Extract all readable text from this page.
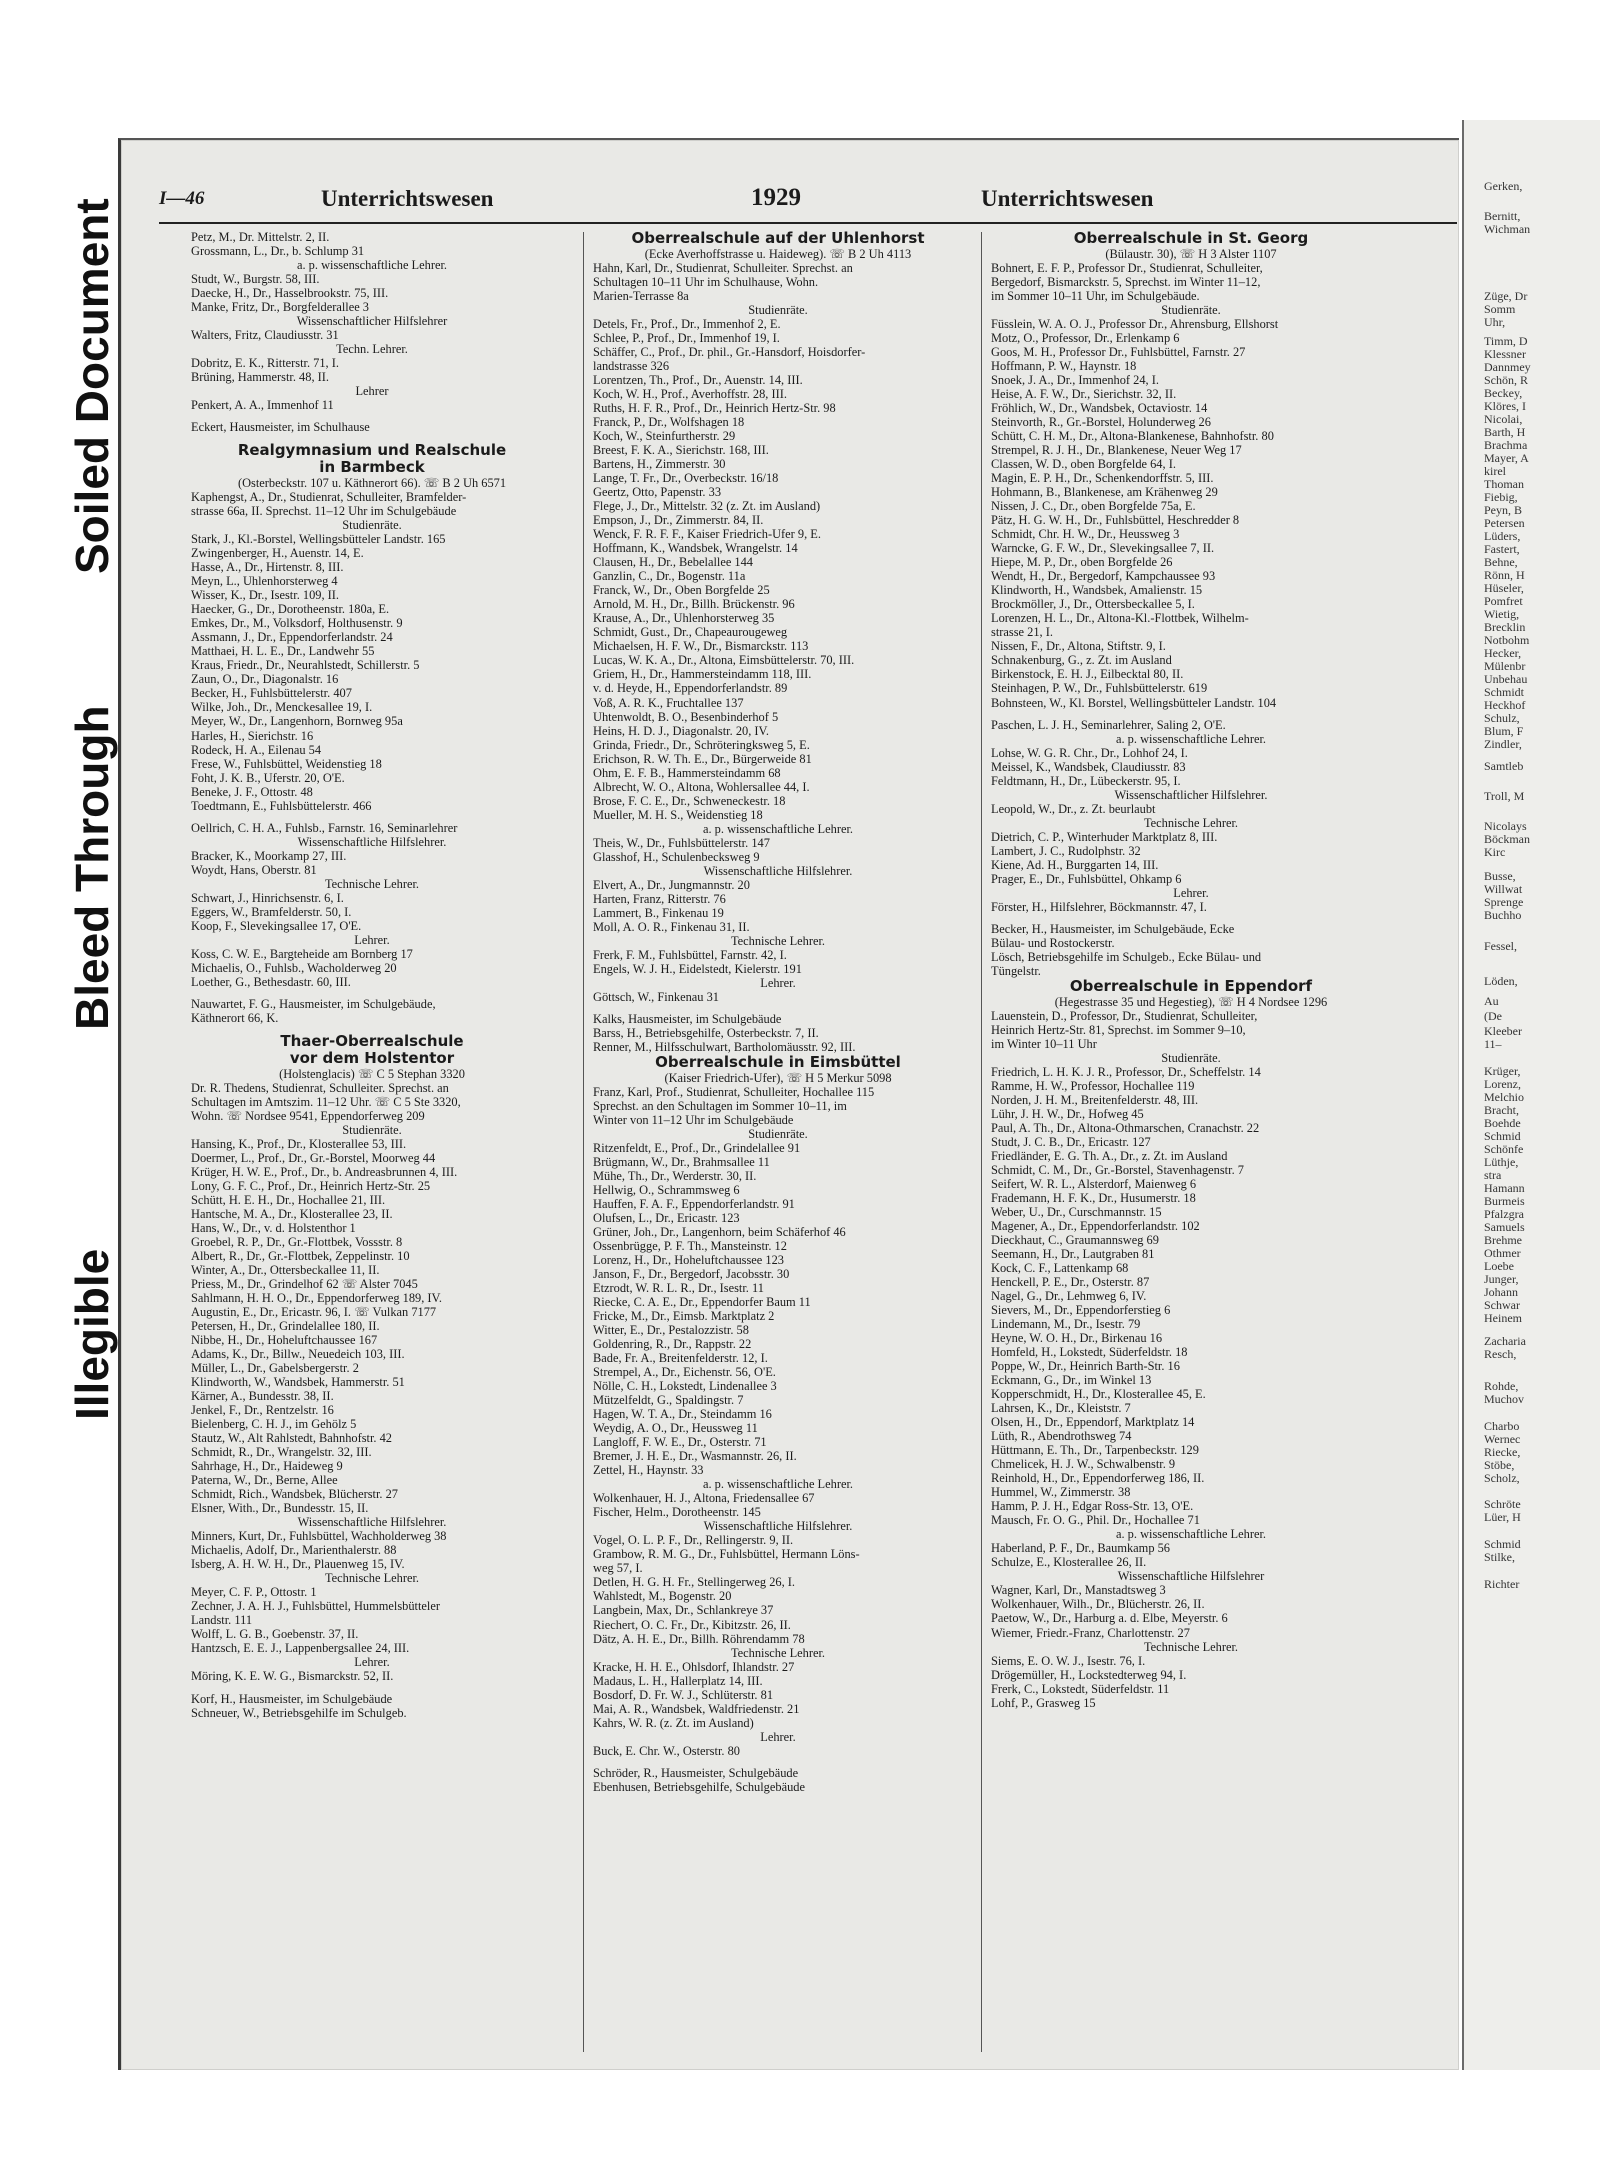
Illegible
Bleed Through
Soiled Document I—46	Unterrichtswesen	1929	Unterrichtswesen
Petz, M., Dr. Mittelstr. 2, II.
Grossmann, L., Dr., b. Schlump 31
a. p. wissenschaftliche Lehrer.
Studt, W., Burgstr. 58, III.
Daecke, H., Dr., Hasselbrookstr. 75, III.
Manke, Fritz, Dr., Borgfelderallee 3
Wissenschaftlicher Hilfslehrer
Walters, Fritz, Claudiusstr. 31
Techn. Lehrer.
Dobritz, E. K., Ritterstr. 71, I.
Brüning, Hammerstr. 48, II.
Lehrer
Penkert, A. A., Immenhof 11
Eckert, Hausmeister, im Schulhause
Realgymnasium und Realschule
in Barmbeck
(Osterbeckstr. 107 u. Käthnerort 66). ☏ B 2 Uh 6571
Kaphengst, A., Dr., Studienrat, Schulleiter, Bramfelder-
strasse 66a, II. Sprechst. 11–12 Uhr im Schulgebäude
Studienräte.
Stark, J., Kl.-Borstel, Wellingsbütteler Landstr. 165
Zwingenberger, H., Auenstr. 14, E.
Hasse, A., Dr., Hirtenstr. 8, III.
Meyn, L., Uhlenhorsterweg 4
Wisser, K., Dr., Isestr. 109, II.
Haecker, G., Dr., Dorotheenstr. 180a, E.
Emkes, Dr., M., Volksdorf, Holthusenstr. 9
Assmann, J., Dr., Eppendorferlandstr. 24
Matthaei, H. L. E., Dr., Landwehr 55
Kraus, Friedr., Dr., Neurahlstedt, Schillerstr. 5
Zaun, O., Dr., Diagonalstr. 16
Becker, H., Fuhlsbüttelerstr. 407
Wilke, Joh., Dr., Menckesallee 19, I.
Meyer, W., Dr., Langenhorn, Bornweg 95a
Harles, H., Sierichstr. 16
Rodeck, H. A., Eilenau 54
Frese, W., Fuhlsbüttel, Weidenstieg 18
Foht, J. K. B., Uferstr. 20, O'E.
Beneke, J. F., Ottostr. 48
Toedtmann, E., Fuhlsbüttelerstr. 466
Oellrich, C. H. A., Fuhlsb., Farnstr. 16, Seminarlehrer
Wissenschaftliche Hilfslehrer.
Bracker, K., Moorkamp 27, III.
Woydt, Hans, Oberstr. 81
Technische Lehrer.
Schwart, J., Hinrichsenstr. 6, I.
Eggers, W., Bramfelderstr. 50, I.
Koop, F., Slevekingsallee 17, O'E.
Lehrer.
Koss, C. W. E., Bargteheide am Bornberg 17
Michaelis, O., Fuhlsb., Wacholderweg 20
Loether, G., Bethesdastr. 60, III.
Nauwartet, F. G., Hausmeister, im Schulgebäude,
Käthnerort 66, K.
Thaer-Oberrealschule
vor dem Holstentor
(Holstenglacis) ☏ C 5 Stephan 3320
Dr. R. Thedens, Studienrat, Schulleiter. Sprechst. an
Schultagen im Amtszim. 11–12 Uhr. ☏ C 5 Ste 3320,
Wohn. ☏ Nordsee 9541, Eppendorferweg 209
Studienräte.
Hansing, K., Prof., Dr., Klosterallee 53, III.
Doermer, L., Prof., Dr., Gr.-Borstel, Moorweg 44
Krüger, H. W. E., Prof., Dr., b. Andreasbrunnen 4, III.
Lony, G. F. C., Prof., Dr., Heinrich Hertz-Str. 25
Schütt, H. E. H., Dr., Hochallee 21, III.
Hantsche, M. A., Dr., Klosterallee 23, II.
Hans, W., Dr., v. d. Holstenthor 1
Groebel, R. P., Dr., Gr.-Flottbek, Vossstr. 8
Albert, R., Dr., Gr.-Flottbek, Zeppelinstr. 10
Winter, A., Dr., Ottersbeckallee 11, II.
Priess, M., Dr., Grindelhof 62 ☏ Alster 7045
Sahlmann, H. H. O., Dr., Eppendorferweg 189, IV.
Augustin, E., Dr., Ericastr. 96, I. ☏ Vulkan 7177
Petersen, H., Dr., Grindelallee 180, II.
Nibbe, H., Dr., Hoheluftchaussee 167
Adams, K., Dr., Billw., Neuedeich 103, III.
Müller, L., Dr., Gabelsbergerstr. 2
Klindworth, W., Wandsbek, Hammerstr. 51
Kärner, A., Bundesstr. 38, II.
Jenkel, F., Dr., Rentzelstr. 16
Bielenberg, C. H. J., im Gehölz 5
Stautz, W., Alt Rahlstedt, Bahnhofstr. 42
Schmidt, R., Dr., Wrangelstr. 32, III.
Sahrhage, H., Dr., Haideweg 9
Paterna, W., Dr., Berne, Allee
Schmidt, Rich., Wandsbek, Blücherstr. 27
Elsner, With., Dr., Bundesstr. 15, II.
Wissenschaftliche Hilfslehrer.
Minners, Kurt, Dr., Fuhlsbüttel, Wachholderweg 38
Michaelis, Adolf, Dr., Marienthalerstr. 88
Isberg, A. H. W. H., Dr., Plauenweg 15, IV.
Technische Lehrer.
Meyer, C. F. P., Ottostr. 1
Zechner, J. A. H. J., Fuhlsbüttel, Hummelsbütteler
Landstr. 111
Wolff, L. G. B., Goebenstr. 37, II.
Hantzsch, E. E. J., Lappenbergsallee 24, III.
Lehrer.
Möring, K. E. W. G., Bismarckstr. 52, II.
Korf, H., Hausmeister, im Schulgebäude
Schneuer, W., Betriebsgehilfe im Schulgeb.
Oberrealschule auf der Uhlenhorst
(Ecke Averhoffstrasse u. Haideweg). ☏ B 2 Uh 4113
Hahn, Karl, Dr., Studienrat, Schulleiter. Sprechst. an
Schultagen 10–11 Uhr im Schulhause, Wohn.
Marien-Terrasse 8a
Studienräte.
Detels, Fr., Prof., Dr., Immenhof 2, E.
Schlee, P., Prof., Dr., Immenhof 19, I.
Schäffer, C., Prof., Dr. phil., Gr.-Hansdorf, Hoisdorfer-
landstrasse 326
Lorentzen, Th., Prof., Dr., Auenstr. 14, III.
Koch, W. H., Prof., Averhoffstr. 28, III.
Ruths, H. F. R., Prof., Dr., Heinrich Hertz-Str. 98
Franck, P., Dr., Wolfshagen 18
Koch, W., Steinfurtherstr. 29
Breest, F. K. A., Sierichstr. 168, III.
Bartens, H., Zimmerstr. 30
Lange, T. Fr., Dr., Overbeckstr. 16/18
Geertz, Otto, Papenstr. 33
Flege, J., Dr., Mittelstr. 32 (z. Zt. im Ausland)
Empson, J., Dr., Zimmerstr. 84, II.
Wenck, F. R. F. F., Kaiser Friedrich-Ufer 9, E.
Hoffmann, K., Wandsbek, Wrangelstr. 14
Clausen, H., Dr., Bebelallee 144
Ganzlin, C., Dr., Bogenstr. 11a
Franck, W., Dr., Oben Borgfelde 25
Arnold, M. H., Dr., Billh. Brückenstr. 96
Krause, A., Dr., Uhlenhorsterweg 35
Schmidt, Gust., Dr., Chapeaurougeweg
Michaelsen, H. F. W., Dr., Bismarckstr. 113
Lucas, W. K. A., Dr., Altona, Eimsbüttelerstr. 70, III.
Griem, H., Dr., Hammersteindamm 118, III.
v. d. Heyde, H., Eppendorferlandstr. 89
Voß, A. R. K., Fruchtallee 137
Uhtenwoldt, B. O., Besenbinderhof 5
Heins, H. D. J., Diagonalstr. 20, IV.
Grinda, Friedr., Dr., Schröteringksweg 5, E.
Erichson, R. W. Th. E., Dr., Bürgerweide 81
Ohm, E. F. B., Hammersteindamm 68
Albrecht, W. O., Altona, Wohlersallee 44, I.
Brose, F. C. E., Dr., Schweneckestr. 18
Mueller, M. H. S., Weidenstieg 18
a. p. wissenschaftliche Lehrer.
Theis, W., Dr., Fuhlsbüttelerstr. 147
Glasshof, H., Schulenbecksweg 9
Wissenschaftliche Hilfslehrer.
Elvert, A., Dr., Jungmannstr. 20
Harten, Franz, Ritterstr. 76
Lammert, B., Finkenau 19
Moll, A. O. R., Finkenau 31, II.
Technische Lehrer.
Frerk, F. M., Fuhlsbüttel, Farnstr. 42, I.
Engels, W. J. H., Eidelstedt, Kielerstr. 191
Lehrer.
Göttsch, W., Finkenau 31
Kalks, Hausmeister, im Schulgebäude
Barss, H., Betriebsgehilfe, Osterbeckstr. 7, II.
Renner, M., Hilfsschulwart, Bartholomäusstr. 92, III.
Oberrealschule in Eimsbüttel
(Kaiser Friedrich-Ufer), ☏ H 5 Merkur 5098
Franz, Karl, Prof., Studienrat, Schulleiter, Hochallee 115
Sprechst. an den Schultagen im Sommer 10–11, im
Winter von 11–12 Uhr im Schulgebäude
Studienräte.
Ritzenfeldt, E., Prof., Dr., Grindelallee 91
Brügmann, W., Dr., Brahmsallee 11
Mühe, Th., Dr., Werderstr. 30, II.
Hellwig, O., Schrammsweg 6
Hauffen, F. A. F., Eppendorferlandstr. 91
Olufsen, L., Dr., Ericastr. 123
Grüner, Joh., Dr., Langenhorn, beim Schäferhof 46
Ossenbrügge, P. F. Th., Mansteinstr. 12
Lorenz, H., Dr., Hoheluftchaussee 123
Janson, F., Dr., Bergedorf, Jacobsstr. 30
Etzrodt, W. R. L. R., Dr., Isestr. 11
Riecke, C. A. E., Dr., Eppendorfer Baum 11
Fricke, M., Dr., Eimsb. Marktplatz 2
Witter, E., Dr., Pestalozzistr. 58
Goldenring, R., Dr., Rappstr. 22
Bade, Fr. A., Breitenfelderstr. 12, I.
Strempel, A., Dr., Eichenstr. 56, O'E.
Nölle, C. H., Lokstedt, Lindenallee 3
Mützelfeldt, G., Spaldingstr. 7
Hagen, W. T. A., Dr., Steindamm 16
Weydig, A. O., Dr., Heussweg 11
Langloff, F. W. E., Dr., Osterstr. 71
Bremer, J. H. E., Dr., Wasmannstr. 26, II.
Zettel, H., Haynstr. 33
a. p. wissenschaftliche Lehrer.
Wolkenhauer, H. J., Altona, Friedensallee 67
Fischer, Helm., Dorotheenstr. 145
Wissenschaftliche Hilfslehrer.
Vogel, O. L. P. F., Dr., Rellingerstr. 9, II.
Grambow, R. M. G., Dr., Fuhlsbüttel, Hermann Löns-
weg 57, I.
Detlen, H. G. H. Fr., Stellingerweg 26, I.
Wahlstedt, M., Bogenstr. 20
Langbein, Max, Dr., Schlankreye 37
Riechert, O. C. Fr., Dr., Kibitzstr. 26, II.
Dätz, A. H. E., Dr., Billh. Röhrendamm 78
Technische Lehrer.
Kracke, H. H. E., Ohlsdorf, Ihlandstr. 27
Madaus, L. H., Hallerplatz 14, III.
Bosdorf, D. Fr. W. J., Schlüterstr. 81
Mai, A. R., Wandsbek, Waldfriedenstr. 21
Kahrs, W. R. (z. Zt. im Ausland)
Lehrer.
Buck, E. Chr. W., Osterstr. 80
Schröder, R., Hausmeister, Schulgebäude
Ebenhusen, Betriebsgehilfe, Schulgebäude
Oberrealschule in St. Georg
(Bülaustr. 30), ☏ H 3 Alster 1107
Bohnert, E. F. P., Professor Dr., Studienrat, Schulleiter,
Bergedorf, Bismarckstr. 5, Sprechst. im Winter 11–12,
im Sommer 10–11 Uhr, im Schulgebäude.
Studienräte.
Füsslein, W. A. O. J., Professor Dr., Ahrensburg, Ellshorst
Motz, O., Professor, Dr., Erlenkamp 6
Goos, M. H., Professor Dr., Fuhlsbüttel, Farnstr. 27
Hoffmann, P. W., Haynstr. 18
Snoek, J. A., Dr., Immenhof 24, I.
Heise, A. F. W., Dr., Sierichstr. 32, II.
Fröhlich, W., Dr., Wandsbek, Octaviostr. 14
Steinvorth, R., Gr.-Borstel, Holunderweg 26
Schütt, C. H. M., Dr., Altona-Blankenese, Bahnhofstr. 80
Strempel, R. J. H., Dr., Blankenese, Neuer Weg 17
Classen, W. D., oben Borgfelde 64, I.
Magin, E. P. H., Dr., Schenkendorffstr. 5, III.
Hohmann, B., Blankenese, am Krähenweg 29
Nissen, J. C., Dr., oben Borgfelde 75a, E.
Pätz, H. G. W. H., Dr., Fuhlsbüttel, Heschredder 8
Schmidt, Chr. H. W., Dr., Heussweg 3
Warncke, G. F. W., Dr., Slevekingsallee 7, II.
Hiepe, M. P., Dr., oben Borgfelde 26
Wendt, H., Dr., Bergedorf, Kampchaussee 93
Klindworth, H., Wandsbek, Amalienstr. 15
Brockmöller, J., Dr., Ottersbeckallee 5, I.
Lorenzen, H. L., Dr., Altona-Kl.-Flottbek, Wilhelm-
strasse 21, I.
Nissen, F., Dr., Altona, Stiftstr. 9, I.
Schnakenburg, G., z. Zt. im Ausland
Birkenstock, E. H. J., Eilbecktal 80, II.
Steinhagen, P. W., Dr., Fuhlsbüttelerstr. 619
Bohnsteen, W., Kl. Borstel, Wellingsbütteler Landstr. 104
Paschen, L. J. H., Seminarlehrer, Saling 2, O'E.
a. p. wissenschaftliche Lehrer.
Lohse, W. G. R. Chr., Dr., Lohhof 24, I.
Meissel, K., Wandsbek, Claudiusstr. 83
Feldtmann, H., Dr., Lübeckerstr. 95, I.
Wissenschaftlicher Hilfslehrer.
Leopold, W., Dr., z. Zt. beurlaubt
Technische Lehrer.
Dietrich, C. P., Winterhuder Marktplatz 8, III.
Lambert, J. C., Rudolphstr. 32
Kiene, Ad. H., Burggarten 14, III.
Prager, E., Dr., Fuhlsbüttel, Ohkamp 6
Lehrer.
Förster, H., Hilfslehrer, Böckmannstr. 47, I.
Becker, H., Hausmeister, im Schulgebäude, Ecke
Bülau- und Rostockerstr.
Lösch, Betriebsgehilfe im Schulgeb., Ecke Bülau- und
Tüngelstr.
Oberrealschule in Eppendorf
(Hegestrasse 35 und Hegestieg), ☏ H 4 Nordsee 1296
Lauenstein, D., Professor, Dr., Studienrat, Schulleiter,
Heinrich Hertz-Str. 81, Sprechst. im Sommer 9–10,
im Winter 10–11 Uhr
Studienräte.
Friedrich, L. H. K. J. R., Professor, Dr., Scheffelstr. 14
Ramme, H. W., Professor, Hochallee 119
Norden, J. H. M., Breitenfelderstr. 48, III.
Lühr, J. H. W., Dr., Hofweg 45
Paul, A. Th., Dr., Altona-Othmarschen, Cranachstr. 22
Studt, J. C. B., Dr., Ericastr. 127
Friedländer, E. G. Th. A., Dr., z. Zt. im Ausland
Schmidt, C. M., Dr., Gr.-Borstel, Stavenhagenstr. 7
Seifert, W. R. L., Alsterdorf, Maienweg 6
Frademann, H. F. K., Dr., Husumerstr. 18
Weber, U., Dr., Curschmannstr. 15
Magener, A., Dr., Eppendorferlandstr. 102
Dieckhaut, C., Graumannsweg 69
Seemann, H., Dr., Lautgraben 81
Kock, C. F., Lattenkamp 68
Henckell, P. E., Dr., Osterstr. 87
Nagel, G., Dr., Lehmweg 6, IV.
Sievers, M., Dr., Eppendorferstieg 6
Lindemann, M., Dr., Isestr. 79
Heyne, W. O. H., Dr., Birkenau 16
Homfeld, H., Lokstedt, Süderfeldstr. 18
Poppe, W., Dr., Heinrich Barth-Str. 16
Eckmann, G., Dr., im Winkel 13
Kopperschmidt, H., Dr., Klosterallee 45, E.
Lahrsen, K., Dr., Kleiststr. 7
Olsen, H., Dr., Eppendorf, Marktplatz 14
Lüth, R., Abendrothsweg 74
Hüttmann, E. Th., Dr., Tarpenbeckstr. 129
Chmelicek, H. J. W., Schwalbenstr. 9
Reinhold, H., Dr., Eppendorferweg 186, II.
Hummel, W., Zimmerstr. 38
Hamm, P. J. H., Edgar Ross-Str. 13, O'E.
Mausch, Fr. O. G., Phil. Dr., Hochallee 71
a. p. wissenschaftliche Lehrer.
Haberland, P. F., Dr., Baumkamp 56
Schulze, E., Klosterallee 26, II.
Wissenschaftliche Hilfslehrer
Wagner, Karl, Dr., Manstadtsweg 3
Wolkenhauer, Wilh., Dr., Blücherstr. 26, II.
Paetow, W., Dr., Harburg a. d. Elbe, Meyerstr. 6
Wiemer, Friedr.-Franz, Charlottenstr. 27
Technische Lehrer.
Siems, E. O. W. J., Isestr. 76, I.
Drögemüller, H., Lockstedterweg 94, I.
Frerk, C., Lokstedt, Süderfeldstr. 11
Lohf, P., Grasweg 15
Gerken,
Bernitt,
Wichman
Züge, Dr
Somm
Uhr,
Timm, D
Klessner
Dannmey
Schön, R
Beckey,
Klöres, I
Nicolai,
Barth, H
Brachma
Mayer, A
kirel
Thoman
Fiebig,
Peyn, B
Petersen
Lüders,
Fastert,
Behne,
Rönn, H
Hüseler,
Pomfret
Wietig,
Brecklin
Notbohm
Hecker,
Mülenbr
Unbehau
Schmidt
Heckhof
Schulz,
Blum, F
Zindler,
Samtleb
Troll, M
Nicolays
Böckman
Kirc
Busse,
Willwat
Sprenge
Buchho
Fessel,
Löden,
Au
(De
Kleeber
11–
Krüger,
Lorenz,
Melchio
Bracht,
Boehde
Schmid
Schönfe
Lüthje,
stra
Hamann
Burmeis
Pfalzgra
Samuels
Brehme
Othmer
Loebe
Junger,
Johann
Schwar
Heinem
Zacharia
Resch,
Rohde,
Muchov
Charbo
Wernec
Riecke,
Stöbe,
Scholz,
Schröte
Lüer, H
Schmid
Stilke,
Richter
